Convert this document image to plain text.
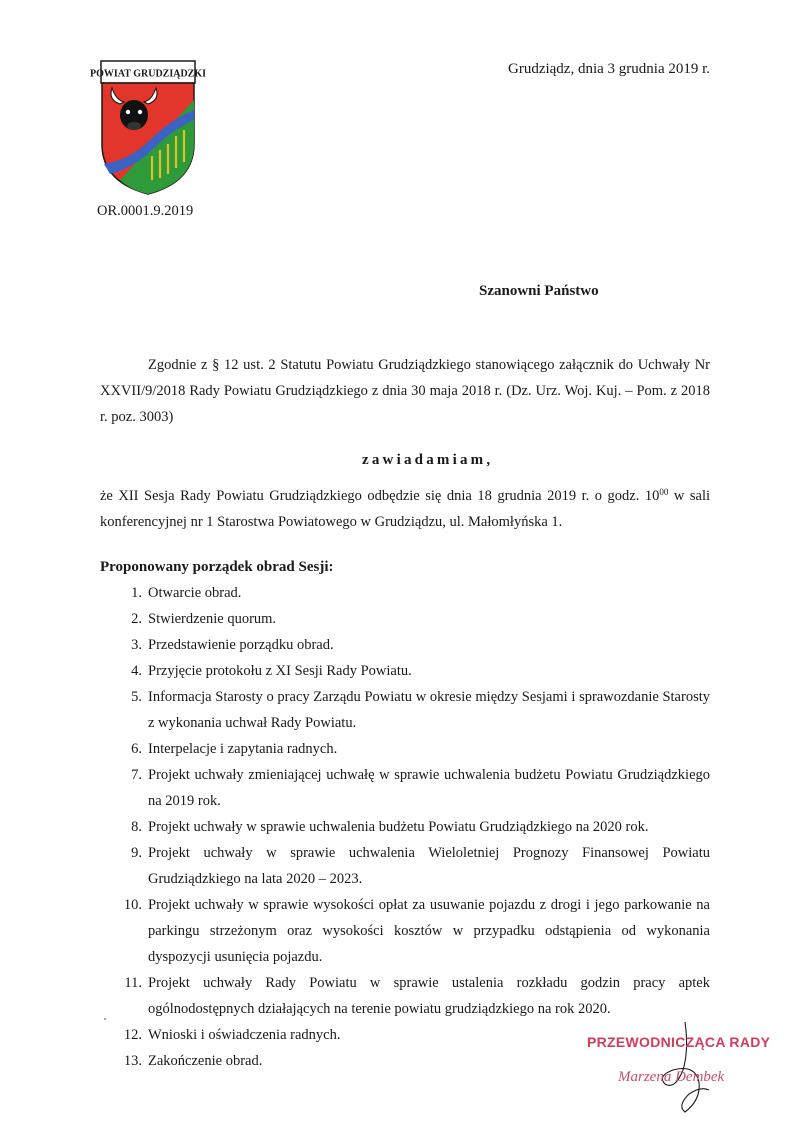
POWIAT GRUDZIĄDZKI
OR.0001.9.2019
Grudziądz, dnia 3 grudnia 2019 r.
Szanowni Państwo

Zgodnie z § 12 ust. 2 Statutu Powiatu Grudziądzkiego stanowiącego załącznik do Uchwały Nr XXVII/9/2018 Rady Powiatu Grudziądzkiego z dnia 30 maja 2018 r. (Dz. Urz. Woj. Kuj. – Pom. z 2018 r. poz. 3003)

zawiadamiam,

że XII Sesja Rady Powiatu Grudziądzkiego odbędzie się dnia 18 grudnia 2019 r. o godz. $10^{00}$ w sali konferencyjnej nr 1 Starostwa Powiatowego w Grudziądzu, ul. Małomłyńska 1.

Proponowany porządek obrad Sesji:
1. Otwarcie obrad.
2. Stwierdzenie quorum.
3. Przedstawienie porządku obrad.
4. Przyjęcie protokołu z XI Sesji Rady Powiatu.
5. Informacja Starosty o pracy Zarządu Powiatu w okresie między Sesjami i sprawozdanie Starosty z wykonania uchwał Rady Powiatu.
6. Interpelacje i zapytania radnych.
7. Projekt uchwały zmieniającej uchwałę w sprawie uchwalenia budżetu Powiatu Grudziądzkiego na 2019 rok.
8. Projekt uchwały w sprawie uchwalenia budżetu Powiatu Grudziądzkiego na 2020 rok.
9. Projekt uchwały w sprawie uchwalenia Wieloletniej Prognozy Finansowej Powiatu Grudziądzkiego na lata 2020 – 2023.
10. Projekt uchwały w sprawie wysokości opłat za usuwanie pojazdu z drogi i jego parkowanie na parkingu strzeżonym oraz wysokości kosztów w przypadku odstąpienia od wykonania dyspozycji usunięcia pojazdu.
11. Projekt uchwały Rady Powiatu w sprawie ustalenia rozkładu godzin pracy aptek ogólnodostępnych działających na terenie powiatu grudziądzkiego na rok 2020.
12. Wnioski i oświadczenia radnych.
13. Zakończenie obrad.
PRZEWODNICZĄCA RADY
Marzena Dembek
